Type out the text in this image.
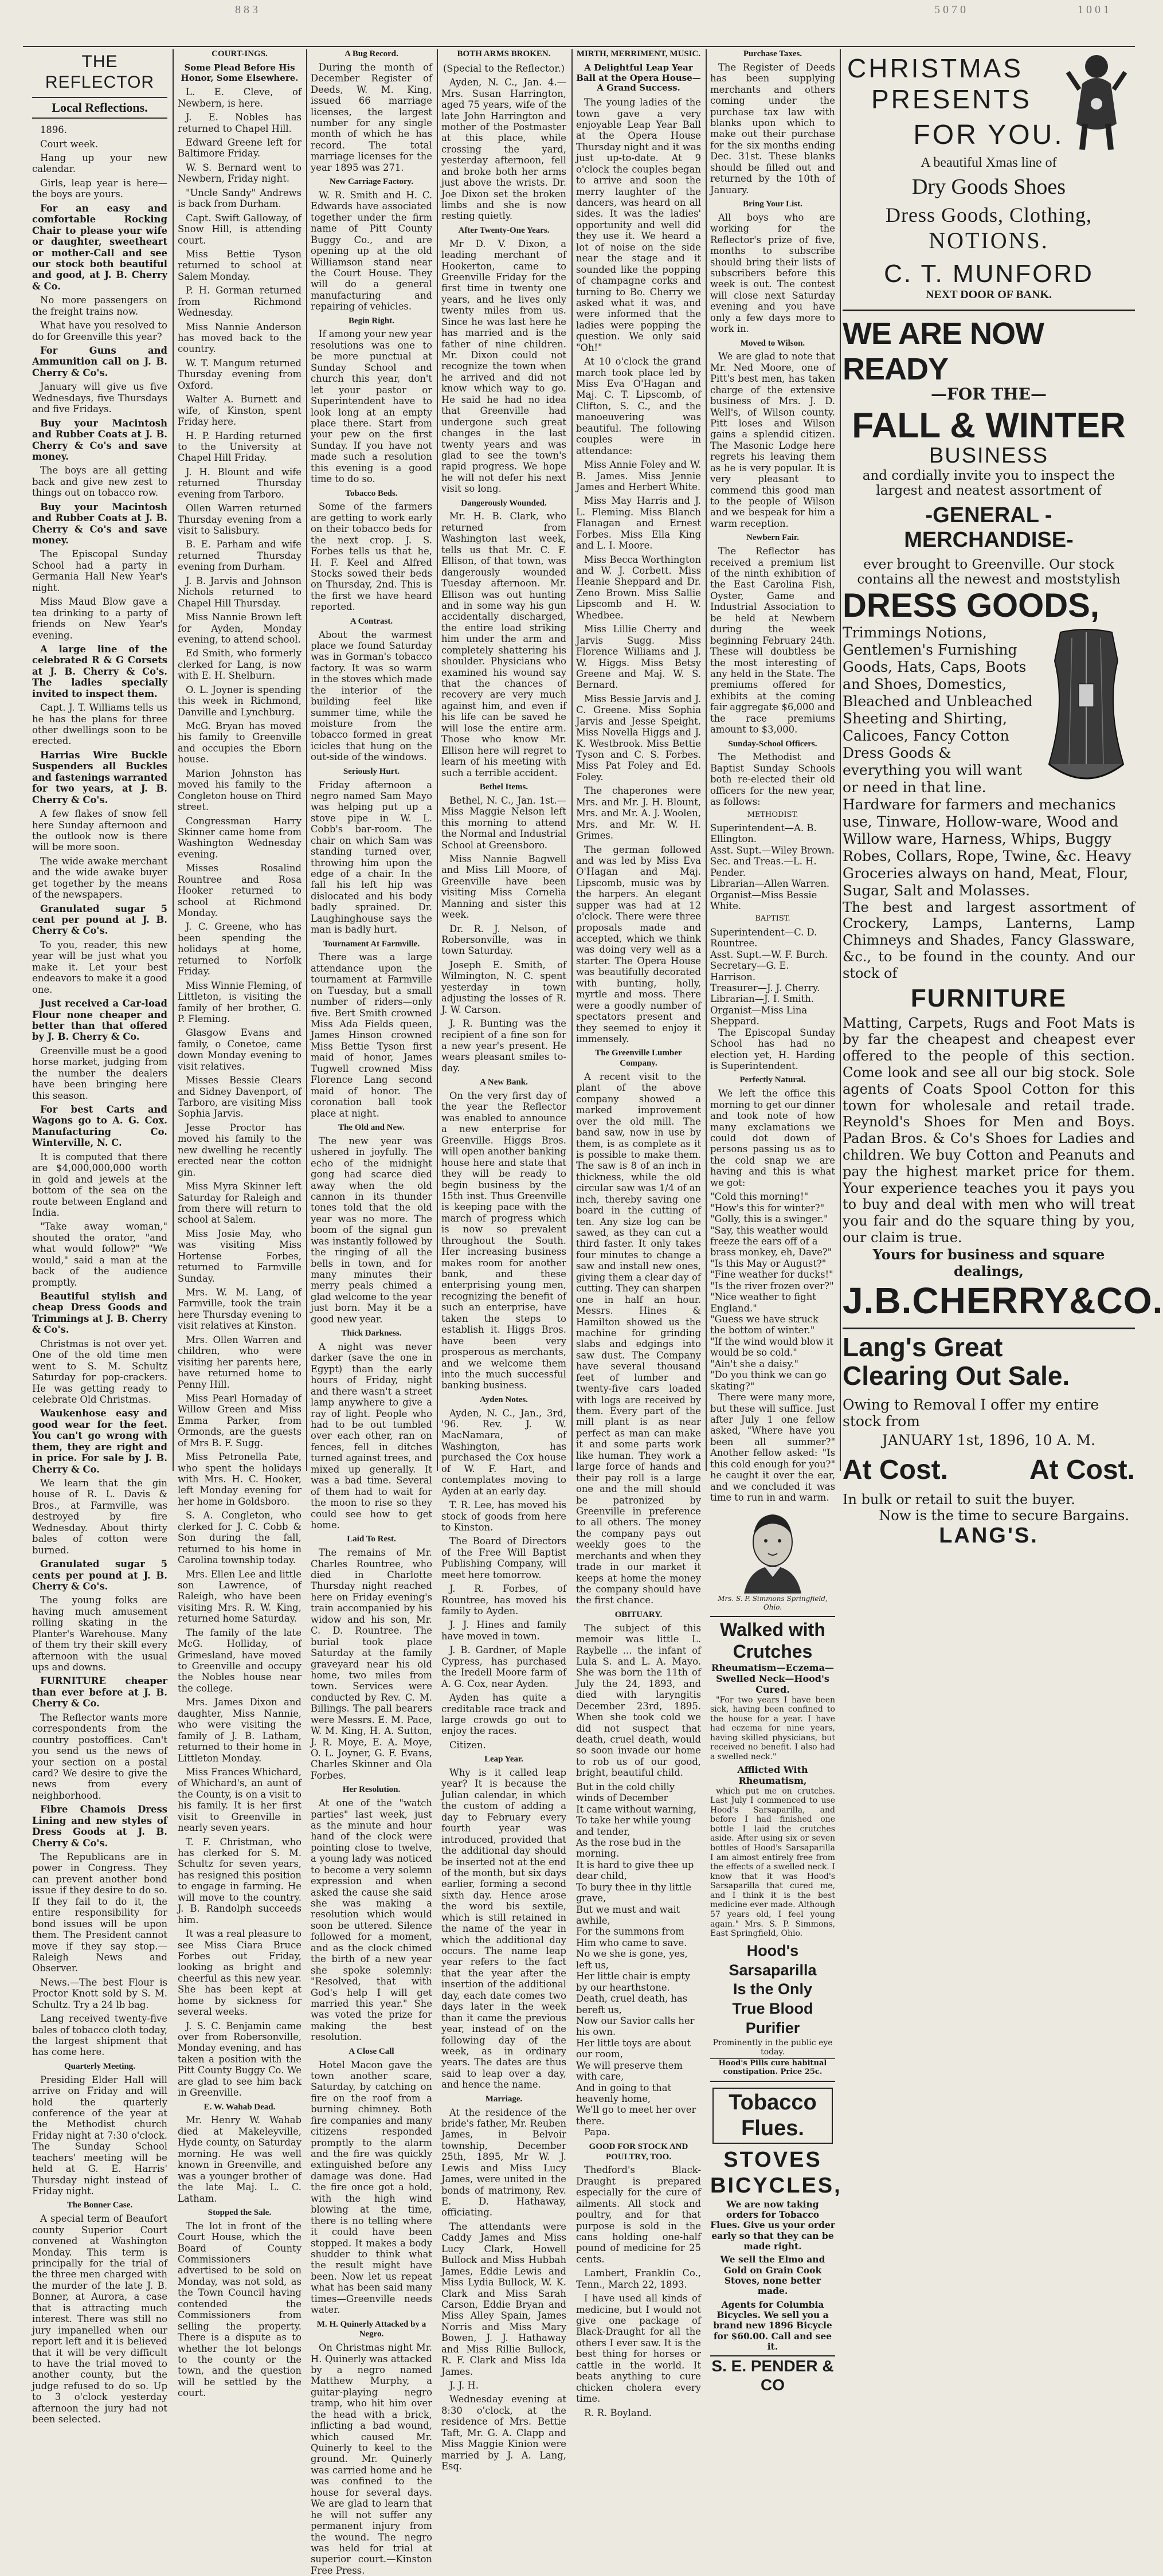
8 8 3	5 0 7 0	1 0 0 1
THE REFLECTOR
Local Reflections.

1896.

Court week.

Hang up your new calendar.

Girls, leap year is here—the boys are yours.

For an easy and comfortable Rocking Chair to please your wife or daughter, sweetheart or mother-Call and see our stock both beautiful and good, at J. B. Cherry & Co.

No more passengers on the freight trains now.

What have you resolved to do for Greenville this year?

For Guns and Ammunition call on J. B. Cherry & Co's.

January will give us five Wednesdays, five Thursdays and five Fridays.

Buy your Macintosh and Rubber Coats at J. B. Cherry & Co's and save money.

The boys are all getting back and give new zest to things out on tobacco row.

Buy your Macintosh and Rubber Coats at J. B. Cherry & Co's and save money.

The Episcopal Sunday School had a party in Germania Hall New Year's night.

Miss Maud Blow gave a tea drinking to a party of friends on New Year's evening.

A large line of the celebrated R & G Corsets at J. B. Cherry & Co's. The ladies specially invited to inspect them.

Capt. J. T. Williams tells us he has the plans for three other dwellings soon to be erected.

Harrias Wire Buckle Suspenders all Buckles and fastenings warranted for two years, at J. B. Cherry & Co's.

A few flakes of snow fell here Sunday afternoon and the outlook now is there will be more soon.

The wide awake merchant and the wide awake buyer get together by the means of the newspapers.

Granulated sugar 5 cent per pound at J. B. Cherry & Co's.

To you, reader, this new year will be just what you make it. Let your best endeavors to make it a good one.

Just received a Car-load Flour none cheaper and better than that offered by J. B. Cherry & Co.

Greenville must be a good horse market, judging from the number the dealers have been bringing here this season.

For best Carts and Wagons go to A. G. Cox. Manufacturing Co. Winterville, N. C.

It is computed that there are $4,000,000,000 worth in gold and jewels at the bottom of the sea on the route between England and India.

"Take away woman," shouted the orator, "and what would follow?" "We would," said a man at the back of the audience promptly.

Beautiful stylish and cheap Dress Goods and Trimmings at J. B. Cherry & Co's.

Christmas is not over yet. One of the old time men went to S. M. Schultz Saturday for pop-crackers. He was getting ready to celebrate Old Christmas.

Waukenhose easy and good wear for the feet. You can't go wrong with them, they are right and in price. For sale by J. B. Cherry & Co.

We learn that the gin house of R. L. Davis & Bros., at Farmville, was destroyed by fire Wednesday. About thirty bales of cotton were burned.

Granulated sugar 5 cents per pound at J. B. Cherry & Co's.

The young folks are having much amusement rolling skating in the Planter's Warehouse. Many of them try their skill every afternoon with the usual ups and downs.

FURNITURE cheaper than ever before at J. B. Cherry & Co.

The Reflector wants more correspondents from the country postoffices. Can't you send us the news of your section on a postal card? We desire to give the news from every neighborhood.

Fibre Chamois Dress Lining and new styles of Dress Goods at J. B. Cherry & Co's.

The Republicans are in power in Congress. They can prevent another bond issue if they desire to do so. If they fail to do it, the entire responsibility for bond issues will be upon them. The President cannot move if they say stop.—Raleigh News and Observer.

News.—The best Flour is Proctor Knott sold by S. M. Schultz. Try a 24 lb bag.

Lang received twenty-five bales of tobacco cloth today, the largest shipment that has come here.

Quarterly Meeting.

Presiding Elder Hall will arrive on Friday and will hold the quarterly conference of the year at the Methodist church Friday night at 7:30 o'clock. The Sunday School teachers' meeting will be held at G. E. Harris' Thursday night instead of Friday night.

The Bonner Case.

A special term of Beaufort county Superior Court convened at Washington Monday. This term is principally for the trial of the three men charged with the murder of the late J. B. Bonner, at Aurora, a case that is attracting much interest. There was still no jury impanelled when our report left and it is believed that it will be very difficult to have the trial moved to another county, but the judge refused to do so. Up to 3 o'clock yesterday afternoon the jury had not been selected.

COURT-INGS.
Some Plead Before His Honor, Some Elsewhere.

L. E. Cleve, of Newbern, is here.

J. E. Nobles has returned to Chapel Hill.

Edward Greene left for Baltimore Friday.

W. S. Bernard went to Newbern, Friday night.

"Uncle Sandy" Andrews is back from Durham.

Capt. Swift Galloway, of Snow Hill, is attending court.

Miss Bettie Tyson returned to school at Salem Monday.

P. H. Gorman returned from Richmond Wednesday.

Miss Nannie Anderson has moved back to the country.

W. T. Mangum returned Thursday evening from Oxford.

Walter A. Burnett and wife, of Kinston, spent Friday here.

H. P. Harding returned to the University at Chapel Hill Friday.

J. H. Blount and wife returned Thursday evening from Tarboro.

Ollen Warren returned Thursday evening from a visit to Salisbury.

B. E. Parham and wife returned Thursday evening from Durham.

J. B. Jarvis and Johnson Nichols returned to Chapel Hill Thursday.

Miss Nannie Brown left for Ayden, Monday evening, to attend school.

Ed Smith, who formerly clerked for Lang, is now with E. H. Shelburn.

O. L. Joyner is spending this week in Richmond, Danville and Lynchburg.

McG. Bryan has moved his family to Greenville and occupies the Eborn house.

Marion Johnston has moved his family to the Congleton house on Third street.

Congressman Harry Skinner came home from Washington Wednesday evening.

Misses Rosalind Rountree and Rosa Hooker returned to school at Richmond Monday.

J. C. Greene, who has been spending the holidays at home, returned to Norfolk Friday.

Miss Winnie Fleming, of Littleton, is visiting the family of her brother, G. P. Fleming.

Glasgow Evans and family, o Conetoe, came down Monday evening to visit relatives.

Misses Bessie Clears and Sidney Davenport, of Tarboro, are visiting Miss Sophia Jarvis.

Jesse Proctor has moved his family to the new dwelling he recently erected near the cotton gin.

Miss Myra Skinner left Saturday for Raleigh and from there will return to school at Salem.

Miss Josie May, who was visiting Miss Hortense Forbes, returned to Farmville Sunday.

Mrs. W. M. Lang, of Farmville, took the train here Thursday evening to visit relatives at Kinston.

Mrs. Ollen Warren and children, who were visiting her parents here, have returned home to Penny Hill.

Miss Pearl Hornaday of Willow Green and Miss Emma Parker, from Ormonds, are the guests of Mrs B. F. Sugg.

Miss Petronella Pate, who spent the holidays with Mrs. H. C. Hooker, left Monday evening for her home in Goldsboro.

S. A. Congleton, who clerked for J. C. Cobb & Son during the fall, returned to his home in Carolina township today.

Mrs. Ellen Lee and little son Lawrence, of Raleigh, who have been visiting Mrs. R. W. King, returned home Saturday.

The family of the late McG. Holliday, of Grimesland, have moved to Greenville and occupy the Nobles house near the college.

Mrs. James Dixon and daughter, Miss Nannie, who were visiting the family of J. B. Latham, returned to their home in Littleton Monday.

Miss Frances Whichard, of Whichard's, an aunt of the County, is on a visit to his family. It is her first visit to Greenville in nearly seven years.

T. F. Christman, who has clerked for S. M. Schultz for seven years, has resigned this position to engage in farming. He will move to the country. J. B. Randolph succeeds him.

It was a real pleasure to see Miss Ciara Bruce Forbes out Friday, looking as bright and cheerful as this new year. She has been kept at home by sickness for several weeks.

J. S. C. Benjamin came over from Robersonville, Monday evening, and has taken a position with the Pitt County Buggy Co. We are glad to see him back in Greenville.

E. W. Wahab Dead.

Mr. Henry W. Wahab died at Makeleyville, Hyde county, on Saturday morning. He was well known in Greenville, and was a younger brother of the late Maj. L. C. Latham.

Stopped the Sale.

The lot in front of the Court House, which the Board of County Commissioners advertised to be sold on Monday, was not sold, as the Town Council having contended the Commissioners from selling the property. There is a dispute as to whether the lot belongs to the county or the town, and the question will be settled by the court.

A Bug Record.

During the month of December Register of Deeds, W. M. King, issued 66 marriage licenses, the largest number for any single month of which he has record. The total marriage licenses for the year 1895 was 271.

New Carriage Factory.

W. R. Smith and H. C. Edwards have associated together under the firm name of Pitt County Buggy Co., and are opening up at the old Williamson stand near the Court House. They will do a general manufacturing and repairing of vehicles.

Begin Right.

If among your new year resolutions was one to be more punctual at Sunday School and church this year, don't let your pastor or Superintendent have to look long at an empty place there. Start from your pew on the first Sunday. If you have not made such a resolution this evening is a good time to do so.

Tobacco Beds.

Some of the farmers are getting to work early on their tobacco beds for the next crop. J. S. Forbes tells us that he, H. F. Keel and Alfred Stocks sowed their beds on Thursday, 2nd. This is the first we have heard reported.

A Contrast.

About the warmest place we found Saturday was in Gorman's tobacco factory. It was so warm in the stoves which made the interior of the building feel like summer time, while the moisture from the tobacco formed in great icicles that hung on the out-side of the windows.

Seriously Hurt.

Friday afternoon a negro named Sam Mayo was helping put up a stove pipe in W. L. Cobb's bar-room. The chair on which Sam was standing turned over, throwing him upon the edge of a chair. In the fall his left hip was dislocated and his body badly sprained. Dr. Laughinghouse says the man is badly hurt.

Tournament At Farmville.

There was a large attendance upon the tournament at Farmville on Tuesday, but a small number of riders—only five. Bert Smith crowned Miss Ada Fields queen, James Hinson crowned Miss Bettie Tyson first maid of honor, James Tugwell crowned Miss Florence Lang second maid of honor. The coronation ball took place at night.

The Old and New.

The new year was ushered in joyfully. The echo of the midnight gong had scarce died away when the old cannon in its thunder tones told that the old year was no more. The boom of the signal gun was instantly followed by the ringing of all the bells in town, and for many minutes their merry peals chimed a glad welcome to the year just born. May it be a good new year.

Thick Darkness.

A night was never darker (save the one in Egypt) than the early hours of Friday, night and there wasn't a street lamp anywhere to give a ray of light. People who had to be out tumbled over each other, ran on fences, fell in ditches turned against trees, and mixed up generally. It was a bad time. Several of them had to wait for the moon to rise so they could see how to get home.

Laid To Rest.

The remains of Mr. Charles Rountree, who died in Charlotte Thursday night reached here on Friday evening's train accompanied by his widow and his son, Mr. C. D. Rountree. The burial took place Saturday at the family graveyard near his old home, two miles from town. Services were conducted by Rev. C. M. Billings. The pall bearers were Messrs. E. M. Pace, W. M. King, H. A. Sutton, J. R. Moye, E. A. Moye, O. L. Joyner, G. F. Evans, Charles Skinner and Ola Forbes.

Her Resolution.

At one of the "watch parties" last week, just as the minute and hour hand of the clock were pointing close to twelve, a young lady was noticed to become a very solemn expression and when asked the cause she said she was making a resolution which would soon be uttered. Silence followed for a moment, and as the clock chimed the birth of a new year she spoke solemnly: "Resolved, that with God's help I will get married this year." She was voted the prize for making the best resolution.

A Close Call

Hotel Macon gave the town another scare, Saturday, by catching on fire on the roof from a burning chimney. Both fire companies and many citizens responded promptly to the alarm and the fire was quickly extinguished before any damage was done. Had the fire once got a hold, with the high wind blowing at the time, there is no telling where it could have been stopped. It makes a body shudder to think what the result might have been. Now let us repeat what has been said many times—Greenville needs water.

M. H. Quinerly Attacked by a Negro.

On Christmas night Mr. H. Quinerly was attacked by a negro named Matthew Murphy, a guitar-playing negro tramp, who hit him over the head with a brick, inflicting a bad wound, which caused Mr. Quinerly to keel to the ground. Mr. Quinerly was carried home and he was confined to the house for several days. We are glad to learn that he will not suffer any permanent injury from the wound. The negro was held for trial at superior court.—Kinston Free Press.

BOTH ARMS BROKEN.

(Special to the Reflector.)

Ayden, N. C., Jan. 4.—Mrs. Susan Harrington, aged 75 years, wife of the late John Harrington and mother of the Postmaster at this place, while crossing the yard, yesterday afternoon, fell and broke both her arms just above the wrists. Dr. Joe Dixon set the broken limbs and she is now resting quietly.

After Twenty-One Years.

Mr D. V. Dixon, a leading merchant of Hookerton, came to Greenville Friday for the first time in twenty one years, and he lives only twenty miles from us. Since he was last here he has married and is the father of nine children. Mr. Dixon could not recognize the town when he arrived and did not know which way to go. He said he had no idea that Greenville had undergone such great changes in the last twenty years and was glad to see the town's rapid progress. We hope he will not defer his next visit so long.

Dangerously Wounded.

Mr. H. B. Clark, who returned from Washington last week, tells us that Mr. C. F. Ellison, of that town, was dangerously wounded Tuesday afternoon. Mr. Ellison was out hunting and in some way his gun accidentally discharged, the entire load striking him under the arm and completely shattering his shoulder. Physicians who examined his wound say that the chances of recovery are very much against him, and even if his life can be saved he will lose the entire arm. Those who know Mr. Ellison here will regret to learn of his meeting with such a terrible accident.

Bethel Items.

Bethel, N. C., Jan. 1st.—Miss Maggie Nelson left this morning to attend the Normal and Industrial School at Greensboro.

Miss Nannie Bagwell and Miss Lill Moore, of Greenville have been visiting Miss Cornelia Manning and sister this week.

Dr. R. J. Nelson, of Robersonville, was in town Saturday.

Joseph E. Smith, of Wilmington, N. C. spent yesterday in town adjusting the losses of R. J. W. Carson.

J. R. Bunting was the recipient of a fine son for a new year's present. He wears pleasant smiles to-day.

A New Bank.

On the very first day of the year the Reflector was enabled to announce a new enterprise for Greenville. Higgs Bros. will open another banking house here and state that they will be ready to begin business by the 15th inst. Thus Greenville is keeping pace with the march of progress which is now so prevalent throughout the South. Her increasing business makes room for another bank, and these enterprising young men, recognizing the benefit of such an enterprise, have taken the steps to establish it. Higgs Bros. have been very prosperous as merchants, and we welcome them into the much successful banking business.

Ayden Notes.

Ayden, N. C., Jan., 3rd, '96. Rev. J. W. MacNamara, of Washington, has purchased the Cox house of W. F. Hart, and contemplates moving to Ayden at an early day.

T. R. Lee, has moved his stock of goods from here to Kinston.

The Board of Directors of the Free Will Baptist Publishing Company, will meet here tomorrow.

J. R. Forbes, of Rountree, has moved his family to Ayden.

J. J. Hines and family have moved in town.

J. B. Gardner, of Maple Cypress, has purchased the Iredell Moore farm of A. G. Cox, near Ayden.

Ayden has quite a creditable race track and large crowds go out to enjoy the races.

Citizen.

Leap Year.

Why is it called leap year? It is because the Julian calendar, in which the custom of adding a day to February every fourth year was introduced, provided that the additional day should be inserted not at the end of the month, but six days earlier, forming a second sixth day. Hence arose the word bis sextile, which is still retained in the name of the year in which the additional day occurs. The name leap year refers to the fact that the year after the insertion of the additional day, each date comes two days later in the week than it came the previous year, instead of on the following day of the week, as in ordinary years. The dates are thus said to leap over a day, and hence the name.

Marriage.

At the residence of the bride's father, Mr. Reuben James, in Belvoir township, December 25th, 1895, Mr W. J. Lewis and Miss Lucy James, were united in the bonds of matrimony, Rev. E. D. Hathaway, officiating.

The attendants were Caddy James and Miss Lucy Clark, Howell Bullock and Miss Hubbah James, Eddie Lewis and Miss Lydia Bullock, W. K. Clark and Miss Sarah Carson, Eddie Bryan and Miss Alley Spain, James Norris and Miss Mary Bowen, J. J. Hathaway and Miss Rillie Bullock, R. F. Clark and Miss Ida James.

J. J. H.

Wednesday evening at 8:30 o'clock, at the residence of Mrs. Bettie Taft, Mr. G. A. Clapp and Miss Maggie Kinion were married by J. A. Lang, Esq.

MIRTH, MERRIMENT, MUSIC.
A Delightful Leap Year Ball at the Opera House—A Grand Success.

The young ladies of the town gave a very enjoyable Leap Year Ball at the Opera House Thursday night and it was just up-to-date. At 9 o'clock the couples began to arrive and soon the merry laughter of the dancers, was heard on all sides. It was the ladies' opportunity and well did they use it. We heard a lot of noise on the side near the stage and it sounded like the popping of champagne corks and turning to Bo. Cherry we asked what it was, and were informed that the ladies were popping the question. We only said "Oh!"

At 10 o'clock the grand march took place led by Miss Eva O'Hagan and Maj. C. T. Lipscomb, of Clifton, S. C., and the manoeuvering was beautiful. The following couples were in attendance:

Miss Annie Foley and W. B. James. Miss Jennie James and Herbert White.

Miss May Harris and J. L. Fleming. Miss Blanch Flanagan and Ernest Forbes. Miss Ella King and L. I. Moore.

Miss Becca Worthington and W. J. Corbett. Miss Heanie Sheppard and Dr. Zeno Brown. Miss Sallie Lipscomb and H. W. Whedbee.

Miss Lillie Cherry and Jarvis Sugg. Miss Florence Williams and J. W. Higgs. Miss Betsy Greene and Maj. W. S. Bernard.

Miss Bessie Jarvis and J. C. Greene. Miss Sophia Jarvis and Jesse Speight. Miss Novella Higgs and J. K. Westbrook. Miss Bettie Tyson and C. S. Forbes. Miss Pat Foley and Ed. Foley.

The chaperones were Mrs. and Mr. J. H. Blount, Mrs. and Mr. A. J. Woolen, Mrs. and Mr. W. H. Grimes.

The german followed and was led by Miss Eva O'Hagan and Maj. Lipscomb, music was by the harpers. An elegant supper was had at 12 o'clock. There were three proposals made and accepted, which we think was doing very well as a starter. The Opera House was beautifully decorated with bunting, holly, myrtle and moss. There were a goodly number of spectators present and they seemed to enjoy it immensely.

The Greenville Lumber Company.

A recent visit to the plant of the above company showed a marked improvement over the old mill. The band saw, now in use by them, is as complete as it is possible to make them. The saw is 8 of an inch in thickness, while the old circular saw was 1/4 of an inch, thereby saving one board in the cutting of ten. Any size log can be sawed, as they can cut a third faster. It only takes four minutes to change a saw and install new ones, giving them a clear day of cutting. They can sharpen one in half an hour. Messrs. Hines & Hamilton showed us the machine for grinding slabs and edgings into saw dust. The Company have several thousand feet of lumber and twenty-five cars loaded with logs are received by them. Every part of the mill plant is as near perfect as man can make it and some parts work like human. They work a large force of hands and their pay roll is a large one and the mill should be patronized by Greenville in preference to all others. The money the company pays out weekly goes to the merchants and when they trade in our market it keeps at home the money the company should have the first chance.

OBITUARY.

The subject of this memoir was little L. Raybelle ... the infant of Lula S. and L. A. Mayo. She was born the 11th of July the 24, 1893, and died with laryngitis December 23rd, 1895. When she took cold we did not suspect that death, cruel death, would so soon invade our home to rob us of our good, bright, beautiful child.

But in the cold chilly winds of December

It came without warning,

To take her while young and tender,

As the rose bud in the morning.

It is hard to give thee up dear child,

To bury thee in thy little grave,

But we must and wait awhile,

For the summons from Him who came to save.

No we she is gone, yes, left us,

Her little chair is empty by our hearthstone.

Death, cruel death, has bereft us,

Now our Savior calls her his own.

Her little toys are about our room,

We will preserve them with care,

And in going to that heavenly home,

We'll go to meet her over there.

Papa.

GOOD FOR STOCK AND POULTRY, TOO.

Thedford's Black-Draught is prepared especially for the cure of ailments. All stock and poultry, and for that purpose is sold in the cans holding one-half pound of medicine for 25 cents.

Lambert, Franklin Co., Tenn., March 22, 1893.

I have used all kinds of medicine, but I would not give one package of Black-Draught for all the others I ever saw. It is the best thing for horses or cattle in the world. It beats anything to cure chicken cholera every time.

R. R. Boyland.

Purchase Taxes.

The Register of Deeds has been supplying merchants and others coming under the purchase tax law with blanks upon which to make out their purchase for the six months ending Dec. 31st. These blanks should be filled out and returned by the 10th of January.

Bring Your List.

All boys who are working for the Reflector's prize of five, months to subscribe should bring their lists of subscribers before this week is out. The contest will close next Saturday evening and you have only a few days more to work in.

Moved to Wilson.

We are glad to note that Mr. Ned Moore, one of Pitt's best men, has taken charge of the extensive business of Mrs. J. D. Well's, of Wilson county. Pitt loses and Wilson gains a splendid citizen. The Masonic Lodge here regrets his leaving them as he is very popular. It is very pleasant to commend this good man to the people of Wilson and we bespeak for him a warm reception.

Newbern Fair.

The Reflector has received a premium list of the ninth exhibition of the East Carolina Fish, Oyster, Game and Industrial Association to be held at Newbern during the week beginning February 24th. These will doubtless be the most interesting of any held in the State. The premiums offered for exhibits at the coming fair aggregate $6,000 and the race premiums amount to $3,000.

Sunday-School Officers.

The Methodist and Baptist Sunday Schools both re-elected their old officers for the new year, as follows:

METHODIST.

Superintendent—A. B. Ellington.

Asst. Supt.—Wiley Brown.

Sec. and Treas.—L. H. Pender.

Librarian—Allen Warren.

Organist—Miss Bessie White.

BAPTIST.

Superintendent—C. D. Rountree.

Asst. Supt.—W. F. Burch.

Secretary—G. E. Harrison.

Treasurer—J. J. Cherry.

Librarian—J. I. Smith.

Organist—Miss Lina Sheppard.

The Episcopal Sunday School has had no election yet, H. Harding is Superintendent.

Perfectly Natural.

We left the office this morning to get our dinner and took note of how many exclamations we could dot down of persons passing us as to the cold snap we are having and this is what we got:

"Cold this morning!"

"How's this for winter?"

"Golly, this is a swinger."

"Say, this weather would freeze the ears off of a brass monkey, eh, Dave?"

"Is this May or August?"

"Fine weather for ducks!"

"Is the river frozen over?"

"Nice weather to fight England."

"Guess we have struck the bottom of winter."

"If the wind would blow it would be so cold."

"Ain't she a daisy."

"Do you think we can go skating?"

There were many more, but these will suffice. Just after July 1 one fellow asked, "Where have you been all summer?" Another fellow asked: "Is this cold enough for you?" he caught it over the ear, and we concluded it was time to run in and warm.

Mrs. S. P. Simmons Springfield, Ohio.
Walked with Crutches
Rheumatism—Eczema—Swelled Neck—Hood's Cured.

"For two years I have been sick, having been confined to the house for a year. I have had eczema for nine years, having skilled physicians, but received no benefit. I also had a swelled neck."

Afflicted With Rheumatism,

which put me on crutches. Last July I commenced to use Hood's Sarsaparilla, and before I had finished one bottle I laid the crutches aside. After using six or seven bottles of Hood's Sarsaparilla I am almost entirely free from the effects of a swelled neck. I know that it was Hood's Sarsaparilla that cured me, and I think it is the best medicine ever made. Although 57 years old, I feel young again." Mrs. S. P. Simmons, East Springfield, Ohio.

Hood's Sarsaparilla
Is the Only
True Blood Purifier
Prominently in the public eye today.
Hood's Pills cure habitual constipation. Price 25c.
Tobacco Flues.
STOVES
BICYCLES,

We are now taking orders for Tobacco Flues. Give us your order early so that they can be made right.

We sell the Elmo and Gold on Grain Cook Stoves, none better made.

Agents for Columbia Bicycles. We sell you a brand new 1896 Bicycle for $60.00. Call and see it.

S. E. PENDER & CO
CHRISTMAS
PRESENTS
FOR YOU.
A beautiful Xmas line of
Dry Goods Shoes
Dress Goods, Clothing,
NOTIONS.
C. T. MUNFORD
NEXT DOOR OF BANK.
WE ARE NOW READY
—FOR THE—
FALL & WINTER
BUSINESS
and cordially invite you to inspect the largest and neatest assortment of
-GENERAL - MERCHANDISE-
ever brought to Greenville. Our stock contains all the newest and moststylish
DRESS GOODS,
Trimmings Notions, Gentlemen's Furnishing Goods, Hats, Caps, Boots and Shoes, Domestics, Bleached and Unbleached Sheeting and Shirting, Calicoes, Fancy Cotton Dress Goods & everything you will want or need in that line. Hardware for farmers and mechanics use, Tinware, Hollow-ware, Wood and Willow ware, Harness, Whips, Buggy Robes, Collars, Rope, Twine, &c. Heavy Groceries always on hand, Meat, Flour, Sugar, Salt and Molasses.
The best and largest assortment of Crockery, Lamps, Lanterns, Lamp Chimneys and Shades, Fancy Glassware, &c., to be found in the county. And our stock of
FURNITURE
Matting, Carpets, Rugs and Foot Mats is by far the cheapest and cheapest ever offered to the people of this section. Come look and see all our big stock. Sole agents of Coats Spool Cotton for this town for wholesale and retail trade. Reynold's Shoes for Men and Boys. Padan Bros. & Co's Shoes for Ladies and children. We buy Cotton and Peanuts and pay the highest market price for them. Your experience teaches you it pays you to buy and deal with men who will treat you fair and do the square thing by you, our claim is true.
Yours for business and square dealings,
J.B.CHERRY&CO.
Lang's Great
Clearing Out Sale.
Owing to Removal I offer my entire stock from
JANUARY 1st, 1896, 10 A. M.
At Cost.	At Cost.
In bulk or retail to suit the buyer.
Now is the time to secure Bargains.
LANG'S.
